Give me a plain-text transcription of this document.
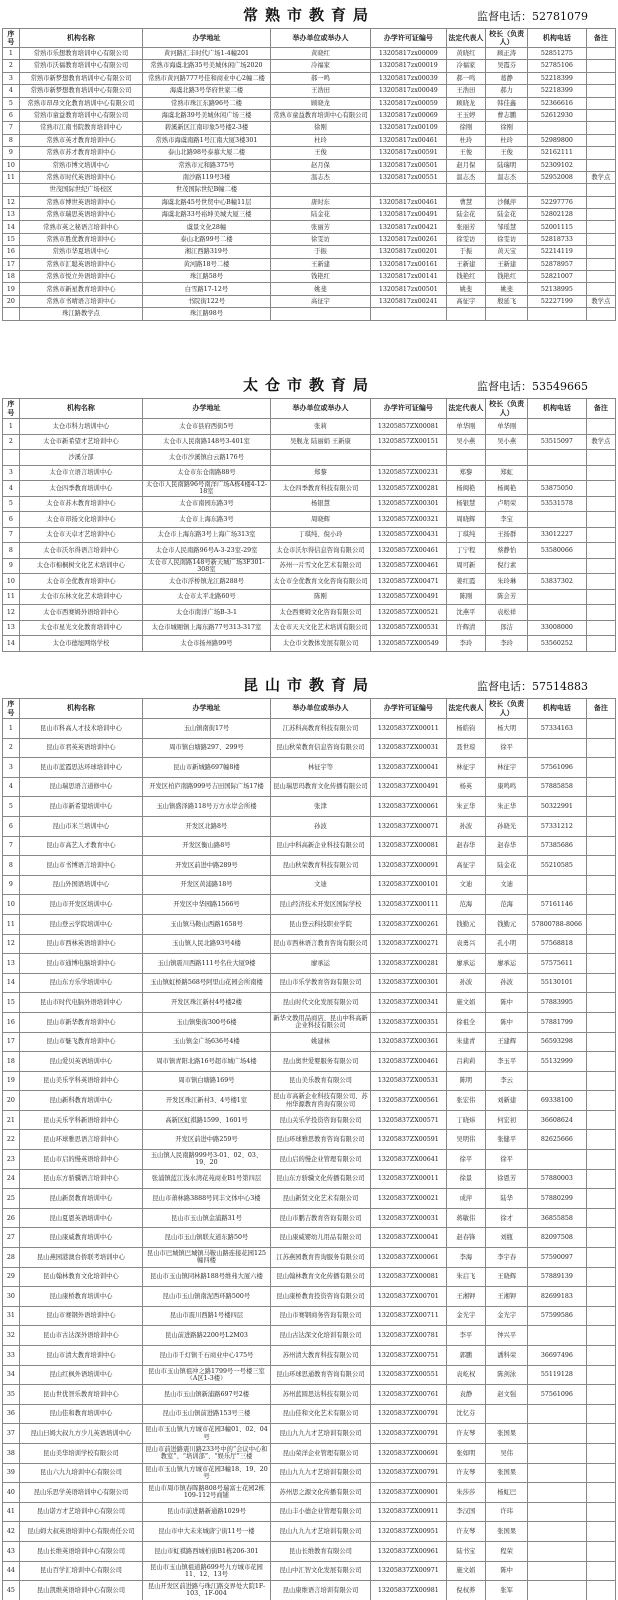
常熟市教育局	监督电话：52781079
序号	机构名称	办学地址	举办单位或举办人	办学许可证编号	法定代表人	校长（负责人）	机构电话	备注
1	常熟市乐想教育培训中心有限公司	黄河路汇丰时代广场1-4幢201	黄晓红	13205817zx00009	黄晓红	顾正涛	52851275	
2	常熟市沃福教育培训中心有限公司	常熟市海虞北路35号美城休闲广场2020	冷福家	13205817zx00019	冷福家	吴霞芬	52785106	
3	常熟市新梦想教育培训中心有限公司	常熟市黄河路777号佳和商业中心2幢二楼	郝一鸣	13205817zx00039	郝一鸣	葛静	52218399	
4	常熟市新梦想教育培训中心有限公司	海虞北路3号华府世家二楼	王浩田	13205817zx00049	王浩田	郝力	52218399	
5	常熟市昂昂文化教育培训中心有限公司	常熟市珠江东路96号二楼	顾晓龙	13205817zx00059	顾晓龙	韩佳鑫	52366616	
6	常熟市童益教育培训中心有限公司	海虞北路39号美城休闲广场三楼	常熟市童益教育培训中心有限公司	13205817zx00069	王玉婷	曹志鹏	52612930	
7	常熟市江南书院教育培训中心	碧溪新区江南印象5号楼2-3楼	徐刚	13205817zx00109	徐刚	徐刚		
8	常熟市英才教育培训中心	常熟市海虞南路1号江南大厦3楼301	杜玲	13205817zx00461	杜玲	杜玲	52989800	
9	常熟市苏才教育培训中心	泰山北路98号泰慕大厦二楼	王俊	13205817zx00591	王俊	王俊	52162111	
10	常熟市博文培训中心	常熟市元和路375号	赵月保	13205817zx00501	赵月保	陆瑞明	52309102	
11	常熟市时代英语培训中心	南沙路119号3楼	温志杰	13205817zx00551	温志杰	温志杰	52952008	教学点
	世茂国际世纪广场校区	世茂国际世纪B幢二楼						
12	常熟市博世英语培训中心	海虞北路45号世贸中心B幢11层	唐时东	13205817zx00461	曹慧	沙佩萍	52297776	
13	常熟市瑞思英语培训中心	海虞北路33号裕坤美城大厦三楼	陆金花	13205817zx00491	陆金花	陆金花	52802128	
14	常熟市英之秘语言培训中心	虞景文化28幢	张丽芳	13205817zx00421	张丽芳	邹瑶慧	52001115	
15	常熟市胜优教育培训中心	泰山北路99号二楼	徐雯访	13205817zx00261	徐雯访	徐雯访	52818733	
16	常熟市华夏培训中心	湘江西路319号	于振	13205817zx00201	于振	黄天宝	52214119	
17	常熟市汇聪英语培训中心	黄河路18号二楼	王新建	13205817zx00161	王新建	王新建	52878957	
18	常熟市悦立外语培训中心	珠江路58号	钱艳红	13205817zx00141	钱艳红	钱艳红	52821007	
19	常熟市新星教育培训中心	白雪路17-12号	姚斐	13205817zx00501	姚斐	姚斐	52138995	
20	常熟市书晴语言培训中心	书院街122号	高征宇	13205817zx00241	高征宇	殷延飞	52227199	教学点
	珠江路教学点	珠江路98号						
太仓市教育局	监督电话：53549665
序号	机构名称	办学地址	举办单位或举办人	办学许可证编号	法定代表人	校长（负责人）	机构电话	备注
1	太仓市科力培训中心	太仓市县府西街5号	张莉	13205857ZX00081	单华刚	单华刚		
2	太仓市新希望才艺培训中心	太仓市人民南路148号3-401室	吴舰龙 陆丽娟 王新康	13205857ZX00151	吴小燕	吴小燕	53515097	教学点
	沙溪分部	太仓市沙溪镇白云路176号						
3	太仓市立语言培训中心	太仓市东仓南路88号	郑黎	13205857ZX00231	郑黎	郑虹		
4	太仓四季教育培训中心	太仓市人民南路96号南洋广场A栋4楼4-12-18室	太仓四季教育科技有限公司	13205857ZX00281	杨闽艳	杨闽艳	53875050	
5	太仓市苏木教育培训中心	太仓市南园东路3号	杨银慧	13205857ZX00301	杨银慧	卢明荣	53531578	
6	太仓市昂扬文化培训中心	太仓市上海东路3号	周晓辉	13205857ZX00321	周晓辉	李宝		
7	太仓市天卓才艺培训中心	太仓市上海东路3号上海广场313室	丁琪纯、倪小玲	13205857ZX00431	丁琪纯	王扬群	33012227	
8	太仓市沃尔得语言培训中心	太仓市人民南路96号A-3-23室-29室	太仓市沃尔得信息咨询有限公司	13205857ZX00461	丁宁程	蔡静怡	53580066	
9	太仓市棉桐树文化艺术培训中心	太仓市人民南路148号新天城广场3F301-308室	苏州一片雪文化艺术有限公司	13205857ZX00461	周可新	倪行素		
10	太仓市全优教育培训中心	太仓市浮桥镇龙江路288号	太仓市全优教育文化咨询有限公司	13205857ZX00471	姜红霞	朱玲琳	53837302	
11	太仓市东林文化艺术培训中心	太仓市太平北路60号	陈刚	13205857ZX00491	陈刚	陈会芳		
12	太仓市西赛姆外语培训中心	太仓市南洋广场B-3-1	太仓西赛姆文化咨询有限公司	13205857ZX00521	沈燕平	袁松祥		
13	太仓市星光文化教育培训中心	太仓市城厢镇上海东路77号313-317室	太仓市天天文化艺术培训有限公司	13205857ZX00531	许辉清	郎洁	33008000	
14	太仓市德旭网络学校	太仓市扬州路99号	太仓市文教体发展有限公司	13205857ZX00549	李玲	李玲	53560252	
昆山市教育局	监督电话：57514883
序号	机构名称	办学地址	举办单位或举办人	办学许可证编号	法定代表人	校长（负责人）	机构电话	备注
1	昆山市科高人才技术培训中心	玉山镇南街17号	江苏科高教育科技有限公司	13205837ZX00011	杨皓钧	杨大明	57334163	
2	昆山市君英英语培训中心	周市镇白塘路297、299号	昆山秋荣教育信息咨询有限公司	13205837ZX00031	聂世琼	徐平		
3	昆山市蓝霞思达环球培训中心	昆山市新城路697幢8楼	林征宇等	13205837ZX00041	林征宇	林征宇	57561096	
4	昆山瑞思语言道修中心	开发区柏庐南路999号吉田国际广场17楼	昆山瑞思玛教育文化传播有限公司	13205837ZX00491	杨英	康鸣鸣	57885858	
5	昆山市新希望培训中心	玉山镇盛泽路118号万方水岸会所楼	张津	13205837ZX00061	朱正华	朱正华	50322991	
6	昆山市米兰培训中心	开发区北路8号	孙波	13205837ZX00071	孙波	孙晓光	57331212	
7	昆山市高艺人才教育中心	开发区衡山路8号	昆山中科高新企业科技有限公司	13205837ZX00081	赵春华	赵春华	57385686	
8	昆山市书博语言培训中心	开发区前进中路289号	昆山秋荣教育科技有限公司	13205837ZX00091	高征宇	陆金花	55210585	
9	昆山外国语培训中心	开发区黄浦路18号	文迪	13205837ZX00101	文迪	文迪		
10	昆山市开发区培训中心	开发区中华园路1566号	昆山经济技术开发区国际学校	13205837ZX00111	范海	范海	57161146	
11	昆山登云学院培训中心	玉山镇马鞍山西路1658号	昆山登云科技职业学院	13205837ZX00261	钱勤元	钱勤元	57800788-8066	
12	昆山市西林英语培训中心	玉山镇人民北路93号4楼	昆山市西林语言教育咨询有限公司	13205837ZX00271	袁勇兴	孔小明	57568818	
13	昆山市通博电脑培训中心	玉山镇震川西路111号名仕大厦9楼	廖承运	13205837ZX00281	廖承运	廖承运	57575611	
14	昆山东方乐学培训中心	玉山镇虹桥路568号阿里山花园会所南楼	昆山市乐学教育咨询有限公司	13205837ZX00301	孙波	孙波	55130101	
15	昆山市时代电脑外语培训中心	开发区珠江新村4号楼2楼	昆山时代文化发展有限公司	13205837ZX00341	施文娟	陈中	57883995	
16	昆山市新华教育培训中心	玉山镇集街300号6楼	新华文教用品商店、昆山中科高新企业科技有限公司	13205837ZX00351	徐祖全	陈中	57881799	
17	昆山市魅飞教育培训中心	玉山镇金广场636号4楼	姚建林	13205837ZX00361	朱建青	王建辉	56593298	
18	昆山爱贝英语培训中心	周市镇青阳北路16号超市城广场4楼	昆山奥世爱婴服务有限公司	13205837ZX00461	吕莉莉	李玉平	55132999	
19	昆山美乐学科英语培训中心	周市镇白塘路169号	昆山美乐教育有限公司	13205837ZX00531	陈明	李云		
20	昆山新科教育培训中心	开发区珠江新村3、4号楼1室	昆山市高新企业科技有限公司、苏州华源教育咨询有限公司	13205837ZX00561	张宏伟	刘新建	69338100	
21	昆山关乐学科新语培训中心	高新区虹祺路1599、1601号	昆山关乐学投资咨询有限公司	13205837ZX00571	丁晓炜	何宏初	36608624	
22	昆山环球雅思语言培训中心	开发区前进中路259号	昆山环球雅思教育咨询有限公司	13205837ZX00591	吴明伟	张健平	82625666	
23	昆山市启的慢英语培训中心	玉山镇人民南路999号3-01、02、03、19、20	昆山启的慢企业管理有限公司	13205837ZX00641	徐平	徐平		
24	昆山东方骄骥语言培训中心	张浦镇蓝江浅水湾花苑商业B1号第四层	昆山东方骄骥文化传播有限公司	13205837ZX00011	徐景	徐恩芳	57880003	
25	昆山新贤教育培训中心	昆山市萧林路3888号同丰文体中心3楼	昆山新贤文化艺术有限公司	13205837ZX00021	成萍	陆华	57880299	
26	昆山夏恩英语培训中心	昆山市玉山镇金浦路31号	昆山市鹏吉教育咨询有限公司	13205837ZX00031	蒋敏伟	徐才	36855858	
27	昆山康威教育培训中心	昆山市玉山镇联友道东路50号	昆山康威婴幼儿用品有限公司	13205837ZX00041	赵春锋	刘瓶	82097508	
28	昆山燕园港澳台侨联考培训中心	昆山市巴城镇巴城镇马鞍山路连接花园125幢四楼	江苏燕园教育咨询服务有限公司	13205837ZX00061	李海	李宇春	57590097	
29	昆山翰林教育文化培训中心	昆山市玉山镇同林路188号维弗大厦六楼	昆山翰林教育文化传播有限公司	13205837ZX00081	朱启飞	王晓辉	57889139	
30	昆山康桥教育培训中心	昆山市玉山镇南泥西环路500号	昆山康桥教育投资咨询有限公司	13205837ZX00701	王湘钾	王湘钾	82699183	
31	昆山市赛钢外语培训中心	昆山市震川西路1号楼四层	昆山市赛钢商务咨询有限公司	13205837ZX00711	金光宇	金光宇	57599586	
32	昆山市古达深外语培训中心	昆山前进路路2200号L2M03	昆山古达深文化培训有限公司	13205837ZX00781	李平	钟兴平		
33	昆山市清大教育培训中心	昆山市千灯镇千石商业中心175号	苏州清大教育科技有限公司	13205837ZX00751	郭鹏	潘科荣	36697496	
34	昆山红枫外语培训中心	昆山市玉山镇祖冲之路1799号一号楼三室（A区1-3楼）	昆山环球思通教育咨询有限公司	13205837ZX00551	袁屹权	陈剑泳	55119128	
35	昆山世优智乐教育培训中心	昆山市玉山镇新浦路697号2楼	苏州蓝圆思达科技有限公司	13205837ZX00761	袁静	赵文强	57561096	
36	昆山佳和教育培训中心	昆山市玉山镇前进路153号三楼	昆山佳和文化艺术有限公司	13205837ZX00791	沈忆芬			
37	昆山曰姆大叔九方少儿英语培训中心	昆山市玉山镇九方城市花园3幢01、02、04号	昆山九九九才艺培训有限公司	13205837ZX00791	许友琴	张国果		
38	昆山美华培训学校有限公司	昆山市前进路震川路233号中的“会议中心和教室”、“培训部”、“娱乐厅”三楼	昆山荣洋企业管理有限公司	13205837ZX00691	张如明	吴伟		
39	昆山六九九培训中心有限公司	昆山市玉山镇九方城市花园3幢18、19、20号	昆山九九九才艺培训有限公司	13205837ZX00791	许友琴	张国果		
40	昆山乐思学英语培训中心有限公司	昆山市周市镇春晖路808号瑞富士花园2栋109-112号商铺	苏州思之源文化传播有限公司	13205837ZX00901	朱莎莎	杨虹巴		
41	昆山诺方才艺培训中心有限公司	昆山市前进路新通路1029号	昆山丰小德企业管理有限公司	13205837ZX00911	李汉国	许玮		
42	昆山姆大叔英语培训中心有限责任公司	昆山市中大未来城唐宁街11号一楼	昆山九九九才艺培训有限公司	13205837ZX00951	许友琴	张国果		
43	昆山长维英语培训中心有限公司	昆山市虹祺路西城柏街B1栋206-301	昆山长维教育有限公司	13205837ZX00961	陆书宝	程荣		
44	昆山百学汇培训中心有限公司	昆山市玉山镇祖道路699号九方城市花园11、12、13号	昆山中汇智文化发展有限公司	13205837ZX00971	施文娟	陈中		
45	昆山凯维英语培训中心有限公司	昆山开发区前进路与珠江路交界处大院1F-103、1F-004	昆山康维语言培训有限公司	13205837ZX00981	倪权养	张军		
